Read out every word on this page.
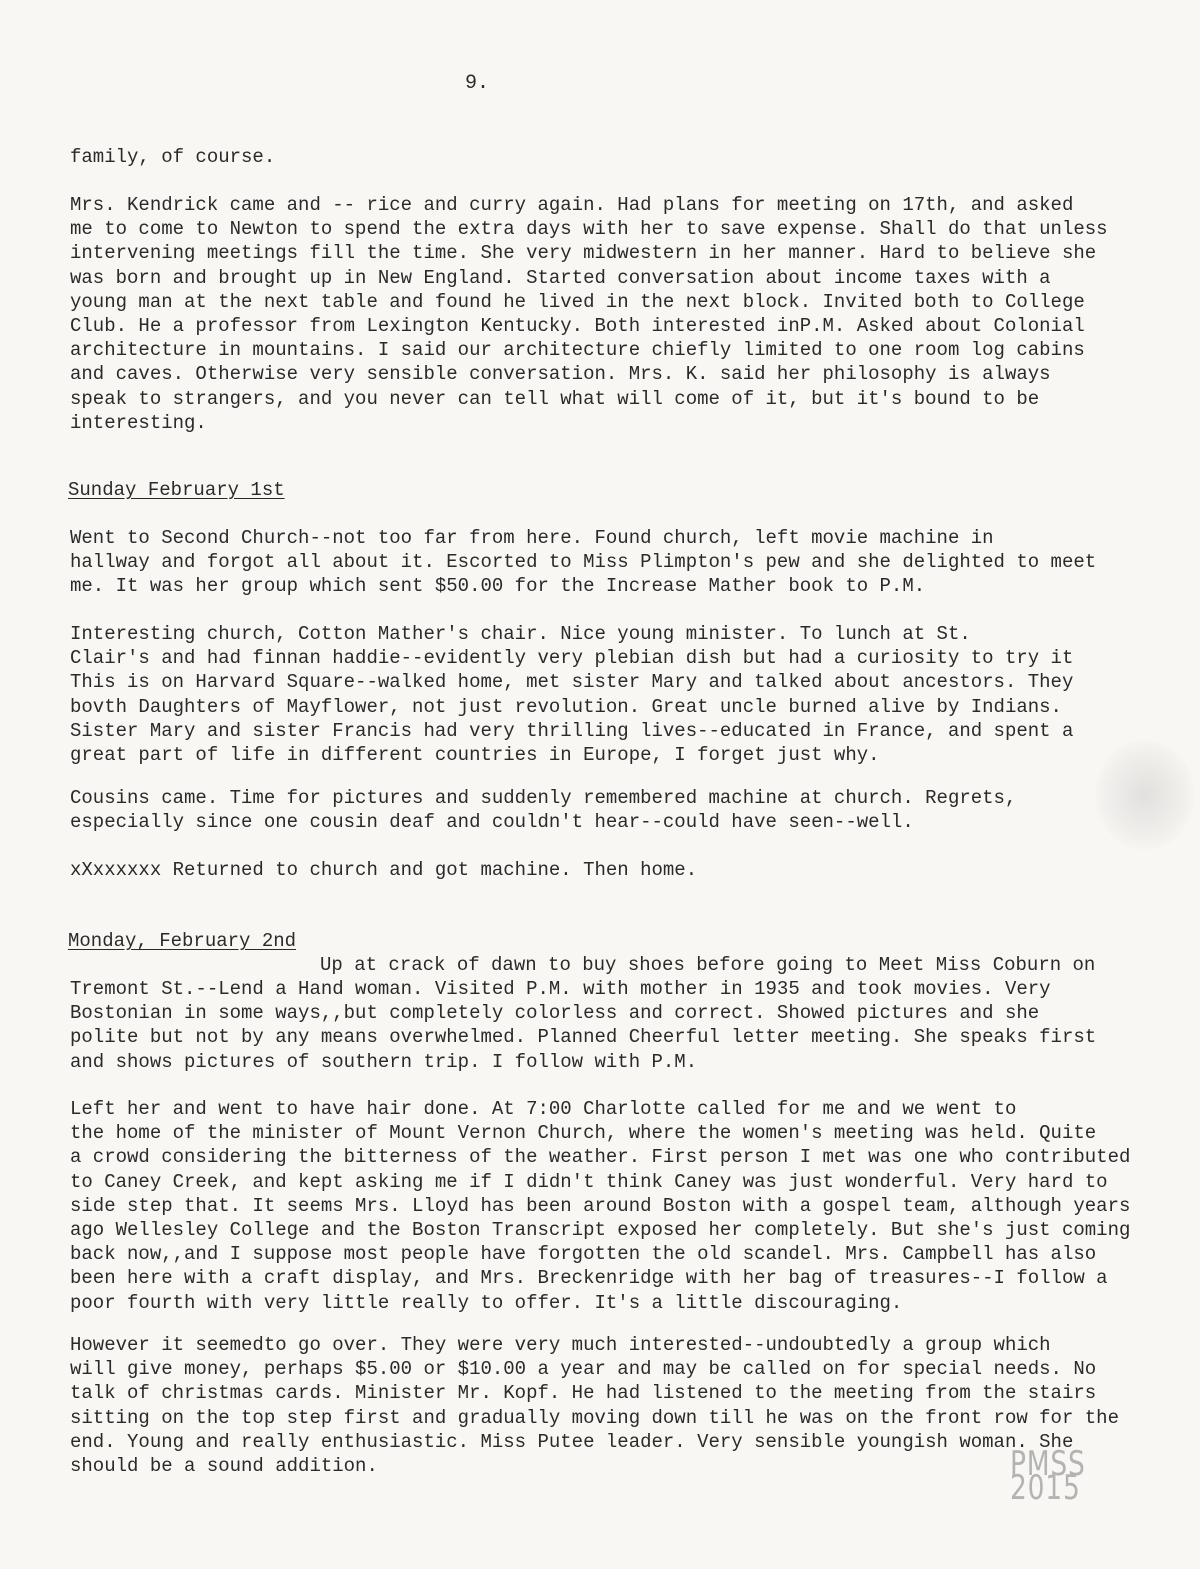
9.

family, of course.

Mrs. Kendrick came and -- rice and curry again. Had plans for meeting on 17th, and asked
me to come to Newton to spend the extra days with her to save expense. Shall do that unless
intervening meetings fill the time. She very midwestern in her manner. Hard to believe she
was born and brought up in New England. Started conversation about income taxes with a
young man at the next table and found he lived in the next block. Invited both to College
Club. He a professor from Lexington Kentucky. Both interested inP.M. Asked about Colonial
architecture in mountains. I said our architecture chiefly limited to one room log cabins
and caves. Otherwise very sensible conversation. Mrs. K. said her philosophy is always
speak to strangers, and you never can tell what will come of it, but it's bound to be
interesting.

Sunday February 1st

Went to Second Church--not too far from here. Found church, left movie machine in
hallway and forgot all about it. Escorted to Miss Plimpton's pew and she delighted to meet
me. It was her group which sent $50.00 for the Increase Mather book to P.M.

Interesting church, Cotton Mather's chair. Nice young minister. To lunch at St.
Clair's and had finnan haddie--evidently very plebian dish but had a curiosity to try it
This is on Harvard Square--walked home, met sister Mary and talked about ancestors. They
bovth Daughters of Mayflower, not just revolution. Great uncle burned alive by Indians.
Sister Mary and sister Francis had very thrilling lives--educated in France, and spent a
great part of life in different countries in Europe, I forget just why.

Cousins came. Time for pictures and suddenly remembered machine at church. Regrets,
especially since one cousin deaf and couldn't hear--could have seen--well.

xXxxxxxx Returned to church and got machine. Then home.

Monday, February 2nd
Up at crack of dawn to buy shoes before going to Meet Miss Coburn on

Tremont St.--Lend a Hand woman. Visited P.M. with mother in 1935 and took movies. Very
Bostonian in some ways,,but completely colorless and correct. Showed pictures and she
polite but not by any means overwhelmed. Planned Cheerful letter meeting. She speaks first
and shows pictures of southern trip. I follow with P.M.

Left her and went to have hair done. At 7:00 Charlotte called for me and we went to
the home of the minister of Mount Vernon Church, where the women's meeting was held. Quite
a crowd considering the bitterness of the weather. First person I met was one who contributed
to Caney Creek, and kept asking me if I didn't think Caney was just wonderful. Very hard to
side step that. It seems Mrs. Lloyd has been around Boston with a gospel team, although years
ago Wellesley College and the Boston Transcript exposed her completely. But she's just coming
back now,,and I suppose most people have forgotten the old scandel. Mrs. Campbell has also
been here with a craft display, and Mrs. Breckenridge with her bag of treasures--I follow a
poor fourth with very little really to offer. It's a little discouraging.

However it seemedto go over. They were very much interested--undoubtedly a group which
will give money, perhaps $5.00 or $10.00 a year and may be called on for special needs. No
talk of christmas cards. Minister Mr. Kopf. He had listened to the meeting from the stairs
sitting on the top step first and gradually moving down till he was on the front row for the
end. Young and really enthusiastic. Miss Putee leader. Very sensible youngish woman. She
should be a sound addition.	PMSS 2015
